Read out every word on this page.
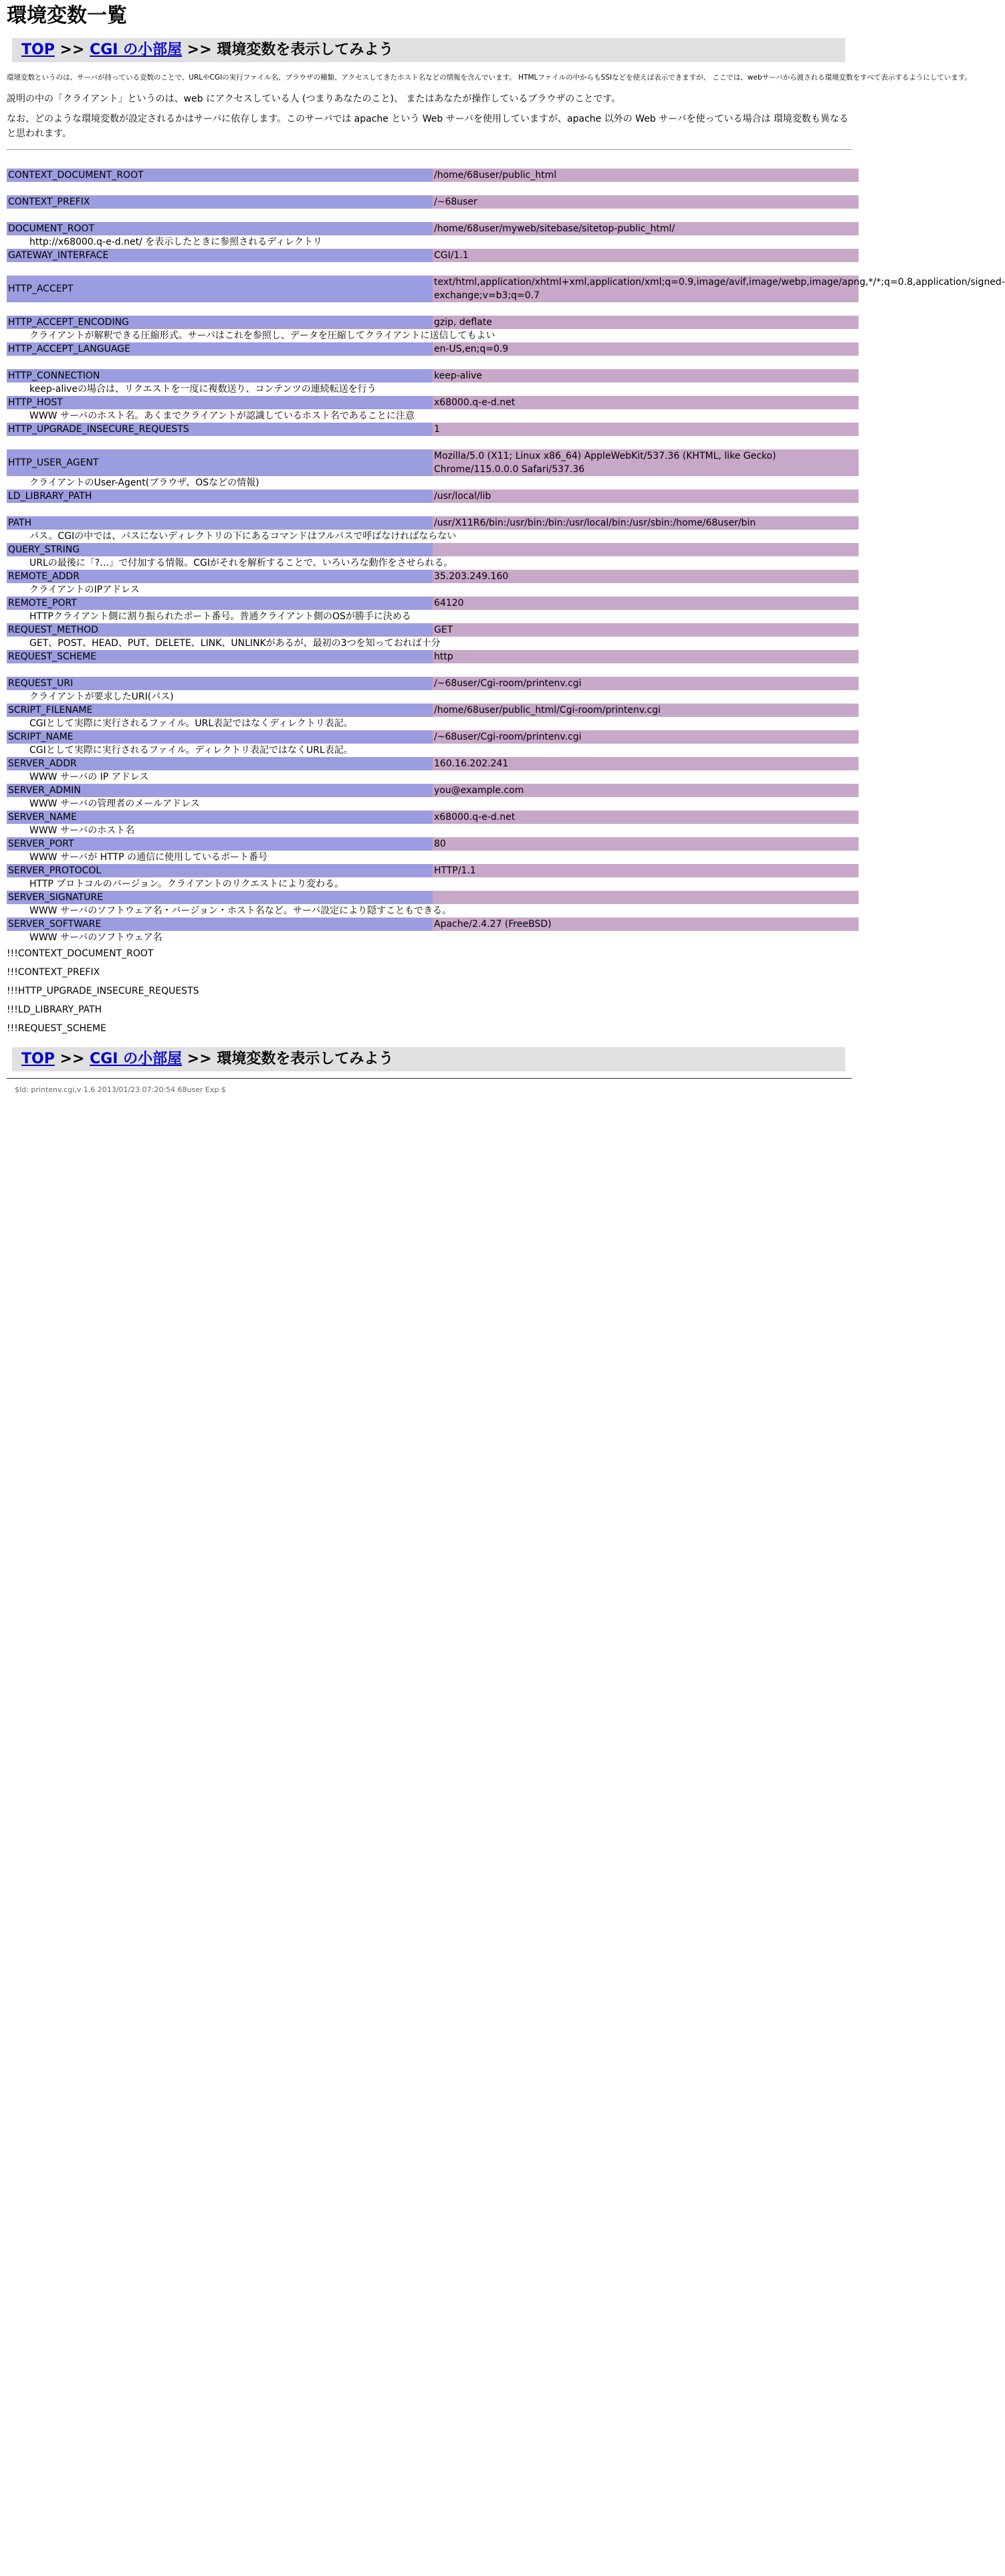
環境変数一覧
TOP >> CGI の小部屋 >> 環境変数を表示してみよう
環境変数というのは、サーバが持っている変数のことで、URLやCGIの実行ファイル名、ブラウザの種類、アクセスしてきたホスト名などの情報を含んでいます。 HTMLファイルの中からもSSIなどを使えば表示できますが、 ここでは、webサーバから渡される環境変数をすべて表示するようにしています。
説明の中の「クライアント」というのは、web にアクセスしている人 (つまりあなたのこと)、 またはあなたが操作しているブラウザのことです。
なお、どのような環境変数が設定されるかはサーバに依存します。このサーバでは apache という Web サーバを使用していますが、apache 以外の Web サーバを使っている場合は 環境変数も異なると思われます。

CONTEXT_DOCUMENT_ROOT	/home/68user/public_html

CONTEXT_PREFIX	/~68user

DOCUMENT_ROOT	/home/68user/myweb/sitebase/sitetop-public_html/
http://x68000.q-e-d.net/ を表示したときに参照されるディレクトリ	
GATEWAY_INTERFACE	CGI/1.1

HTTP_ACCEPT	text/html,application/xhtml+xml,application/xml;q=0.9,image/avif,image/webp,image/apng,*/*;q=0.8,application/signed-exchange;v=b3;q=0.7

HTTP_ACCEPT_ENCODING	gzip, deflate
クライアントが解釈できる圧縮形式。サーバはこれを参照し、データを圧縮してクライアントに送信してもよい	
HTTP_ACCEPT_LANGUAGE	en-US,en;q=0.9

HTTP_CONNECTION	keep-alive
keep-aliveの場合は、リクエストを一度に複数送り、コンテンツの連続転送を行う	
HTTP_HOST	x68000.q-e-d.net
WWW サーバのホスト名。あくまでクライアントが認識しているホスト名であることに注意	
HTTP_UPGRADE_INSECURE_REQUESTS	1

HTTP_USER_AGENT	Mozilla/5.0 (X11; Linux x86_64) AppleWebKit/537.36 (KHTML, like Gecko) Chrome/115.0.0.0 Safari/537.36
クライアントのUser-Agent(ブラウザ、OSなどの情報)	
LD_LIBRARY_PATH	/usr/local/lib

PATH	/usr/X11R6/bin:/usr/bin:/bin:/usr/local/bin:/usr/sbin:/home/68user/bin
パス。CGIの中では、パスにないディレクトリの下にあるコマンドはフルパスで呼ばなければならない	
QUERY_STRING	
URLの最後に「?…」で付加する情報。CGIがそれを解析することで、いろいろな動作をさせられる。	
REMOTE_ADDR	35.203.249.160
クライアントのIPアドレス	
REMOTE_PORT	64120
HTTPクライアント側に割り振られたポート番号。普通クライアント側のOSが勝手に決める	
REQUEST_METHOD	GET
GET、POST、HEAD、PUT、DELETE、LINK、UNLINKがあるが、最初の3つを知っておれば十分	
REQUEST_SCHEME	http

REQUEST_URI	/~68user/Cgi-room/printenv.cgi
クライアントが要求したURI(パス)	
SCRIPT_FILENAME	/home/68user/public_html/Cgi-room/printenv.cgi
CGIとして実際に実行されるファイル。URL表記ではなくディレクトリ表記。	
SCRIPT_NAME	/~68user/Cgi-room/printenv.cgi
CGIとして実際に実行されるファイル。ディレクトリ表記ではなくURL表記。	
SERVER_ADDR	160.16.202.241
WWW サーバの IP アドレス	
SERVER_ADMIN	you@example.com
WWW サーバの管理者のメールアドレス	
SERVER_NAME	x68000.q-e-d.net
WWW サーバのホスト名	
SERVER_PORT	80
WWW サーバが HTTP の通信に使用しているポート番号	
SERVER_PROTOCOL	HTTP/1.1
HTTP プロトコルのバージョン。クライアントのリクエストにより変わる。	
SERVER_SIGNATURE	
WWW サーバのソフトウェア名・バージョン・ホスト名など。サーバ設定により隠すこともできる。	
SERVER_SOFTWARE	Apache/2.4.27 (FreeBSD)
WWW サーバのソフトウェア名	
!!!CONTEXT_DOCUMENT_ROOT
!!!CONTEXT_PREFIX
!!!HTTP_UPGRADE_INSECURE_REQUESTS
!!!LD_LIBRARY_PATH
!!!REQUEST_SCHEME
TOP >> CGI の小部屋 >> 環境変数を表示してみよう
$Id: printenv.cgi,v 1.6 2013/01/23 07:20:54 68user Exp $
